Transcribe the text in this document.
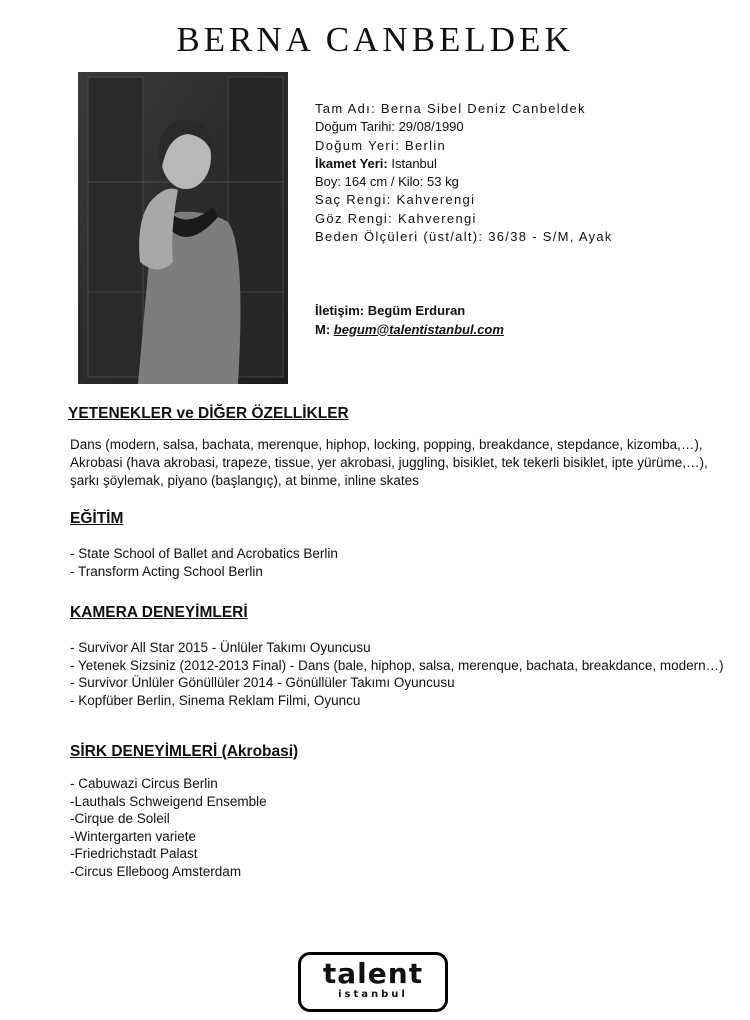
BERNA CANBELDEK
Tam Adı: Berna Sibel Deniz Canbeldek
Doğum Tarihi: 29/08/1990
Doğum Yeri: Berlin
İkamet Yeri: Istanbul
Boy: 164 cm / Kilo: 53 kg
Saç Rengi: Kahverengi
Göz Rengi: Kahverengi
Beden Ölçüleri (üst/alt): 36/38 - S/M, Ayak
İletişim: Begüm Erduran
M: begum@talentistanbul.com
YETENEKLER ve DİĞER ÖZELLİKLER

Dans (modern, salsa, bachata, merenque, hiphop, locking, popping, breakdance, stepdance, kizomba,…), Akrobasi (hava akrobasi, trapeze, tissue, yer akrobasi, juggling, bisiklet, tek tekerli bisiklet, ipte yürüme,…), şarkı şöylemak, piyano (başlangıç), at binme, inline skates

EĞİTİM
- State School of Ballet and Acrobatics Berlin
- Transform Acting School Berlin
KAMERA DENEYİMLERİ
- Survivor All Star 2015 - Ünlüler Takımı Oyuncusu
- Yetenek Sizsiniz (2012-2013 Final) - Dans (bale, hiphop, salsa, merenque, bachata, breakdance, modern…)
- Survivor Ünlüler Gönüllüler 2014 - Gönüllüler Takımı Oyuncusu
- Kopfüber Berlin, Sinema Reklam Filmi, Oyuncu
SİRK DENEYİMLERİ (Akrobasi)
- Cabuwazi Circus Berlin
-Lauthals Schweigend Ensemble
-Cirque de Soleil
-Wintergarten variete
-Friedrichstadt Palast
-Circus Elleboog Amsterdam
talent
istanbul
